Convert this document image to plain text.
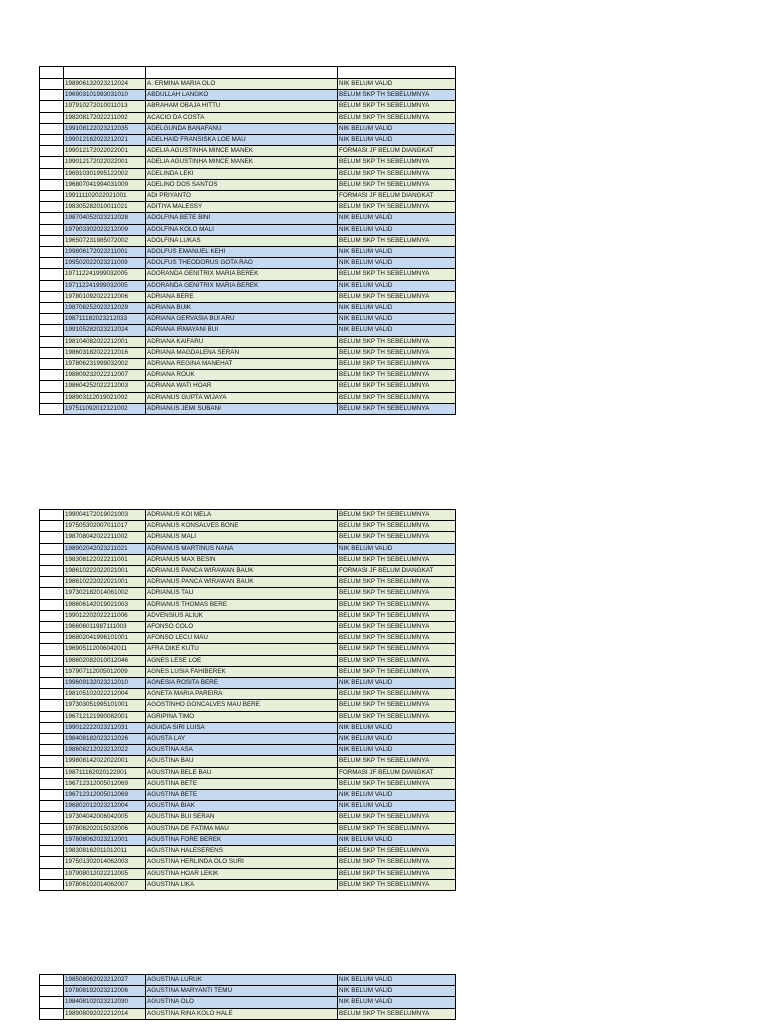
	198906132023212024	A. ERMINA MARIA OLO	NIK BELUM VALID
	196903101993031010	ABDULLAH LANGKO	BELUM SKP TH SEBELUMNYA
	197910272010011013	ABRAHAM OBAJA HITTU	BELUM SKP TH SEBELUMNYA
	198208172022211002	ACACIO DA COSTA	BELUM SKP TH SEBELUMNYA
	199108122023212035	ADELGUNDA BANAFANU	NIK BELUM VALID
	199012162023212021	ADELHAID FRANSISKA LOE MAU	NIK BELUM VALID
	199012172022022001	ADELIA AGUSTINHA MINCE MANEK	FORMASI JF BELUM DIANGKAT
	199012172022022001	ADELIA AGUSTINHA MINCE MANEK	BELUM SKP TH SEBELUMNYA
	196910301995122002	ADELINDA LEKI	BELUM SKP TH SEBELUMNYA
	196807041994031009	ADELINO DOS SANTOS	BELUM SKP TH SEBELUMNYA
	199111102022021001	ADI PRIYANTO	FORMASI JF BELUM DIANGKAT
	198305282010011021	ADITIYA MALESSY	BELUM SKP TH SEBELUMNYA
	198704052023212028	ADOLFINA BETE BINI	NIK BELUM VALID
	197903302023212009	ADOLFINA KOLO MALI	NIK BELUM VALID
	196507231985072002	ADOLFINA LUKAS	BELUM SKP TH SEBELUMNYA
	199806172023211001	ADOLFUS EMANUEL KEHI	NIK BELUM VALID
	199502022023211009	ADOLFUS THEODORUS GOTA RAO	NIK BELUM VALID
	197112241999032005	ADORANDA GENITRIX MARIA BEREK	BELUM SKP TH SEBELUMNYA
	197112241999032005	ADORANDA GENITRIX MARIA BEREK	NIK BELUM VALID
	197801092022212006	ADRIANA BERE	BELUM SKP TH SEBELUMNYA
	198708252023212029	ADRIANA BUIK	NIK BELUM VALID
	198711182023212033	ADRIANA GERVASIA BUI ARU	NIK BELUM VALID
	199105282023212024	ADRIANA IRMAYANI BUI	NIK BELUM VALID
	198104082022212001	ADRIANA KAIFARU	BELUM SKP TH SEBELUMNYA
	198603182022212016	ADRIANA MAGDALENA SERAN	BELUM SKP TH SEBELUMNYA
	197806231999032002	ADRIANA REGINA MANEHAT	BELUM SKP TH SEBELUMNYA
	198809232022212007	ADRIANA ROUK	BELUM SKP TH SEBELUMNYA
	198604252022212003	ADRIANA WATI HOAR	BELUM SKP TH SEBELUMNYA
	198903112019021002	ADRIANUS GUPTA WIJAYA	BELUM SKP TH SEBELUMNYA
	197511092012121002	ADRIANUS JEMI SUBANI	BELUM SKP TH SEBELUMNYA
	199004172019021003	ADRIANUS KOI MELA	BELUM SKP TH SEBELUMNYA
	197505302007011017	ADRIANUS KONSALVES BONE	BELUM SKP TH SEBELUMNYA
	198708042022211002	ADRIANUS MALI	BELUM SKP TH SEBELUMNYA
	198902042023211021	ADRIANUS MARTINUS NANA	NIK BELUM VALID
	198308122022211001	ADRIANUS MAX BESIN	BELUM SKP TH SEBELUMNYA
	198610222022021001	ADRIANUS PANCA WIRAWAN BAUK	FORMASI JF BELUM DIANGKAT
	198610222022021001	ADRIANUS PANCA WIRAWAN BAUK	BELUM SKP TH SEBELUMNYA
	197302182014061002	ADRIANUS TAU	BELUM SKP TH SEBELUMNYA
	198606142019021003	ADRIANUS THOMAS BERE	BELUM SKP TH SEBELUMNYA
	199012202022211006	ADVENSIUS ALIUK	BELUM SKP TH SEBELUMNYA
	196606011987111003	AFONSO COLO	BELUM SKP TH SEBELUMNYA
	196802041996101001	AFONSO LECU MAU	BELUM SKP TH SEBELUMNYA
	196905112006042011	AFRA DIKE KUTU	BELUM SKP TH SEBELUMNYA
	198602082010012046	AGNES LESE LOE	BELUM SKP TH SEBELUMNYA
	197907112005012009	AGNES LUSIA FAHIBEREK	BELUM SKP TH SEBELUMNYA
	199609132023212010	AGNESIA ROSITA BERE	NIK BELUM VALID
	198105102022212004	AGNETA MARIA PAREIRA	BELUM SKP TH SEBELUMNYA
	197303051995101001	AGOSTINHO GONCALVES MAU BERE	BELUM SKP TH SEBELUMNYA
	196712121990082001	AGRIPINA TIMO	BELUM SKP TH SEBELUMNYA
	199012222023212031	AGUIDA SIRI LUISA	NIK BELUM VALID
	198408182023212026	AGUSTA LAY	NIK BELUM VALID
	198608212023212022	AGUSTINA ASA	NIK BELUM VALID
	199808142022022001	AGUSTINA BAU	BELUM SKP TH SEBELUMNYA
	198711162020122001	AGUSTINA BELE BAU	FORMASI JF BELUM DIANGKAT
	196712312005012069	AGUSTINA BETE	BELUM SKP TH SEBELUMNYA
	196712312005012069	AGUSTINA BETE	NIK BELUM VALID
	196802012023212004	AGUSTINA BIAK	NIK BELUM VALID
	197304042006042005	AGUSTINA BUI SERAN	BELUM SKP TH SEBELUMNYA
	197808202015032006	AGUSTINA DE FATIMA MAU	BELUM SKP TH SEBELUMNYA
	197808062023212001	AGUSTINA FORE BEREK	NIK BELUM VALID
	198308162011012011	AGUSTINA HALESERENS	BELUM SKP TH SEBELUMNYA
	197501302014062003	AGUSTINA HERLINDA OLO SURI	BELUM SKP TH SEBELUMNYA
	197908012022212005	AGUSTINA HOAR LEKIK	BELUM SKP TH SEBELUMNYA
	197806102014062007	AGUSTINA LIKA	BELUM SKP TH SEBELUMNYA
	198508062023212027	AGUSTINA LURUK	NIK BELUM VALID
	197808192023212006	AGUSTINA MARYANTI TEMU	NIK BELUM VALID
	198408102023212030	AGUSTINA OLO	NIK BELUM VALID
	198908092022212014	AGUSTINA RINA KOLO HALE	BELUM SKP TH SEBELUMNYA
